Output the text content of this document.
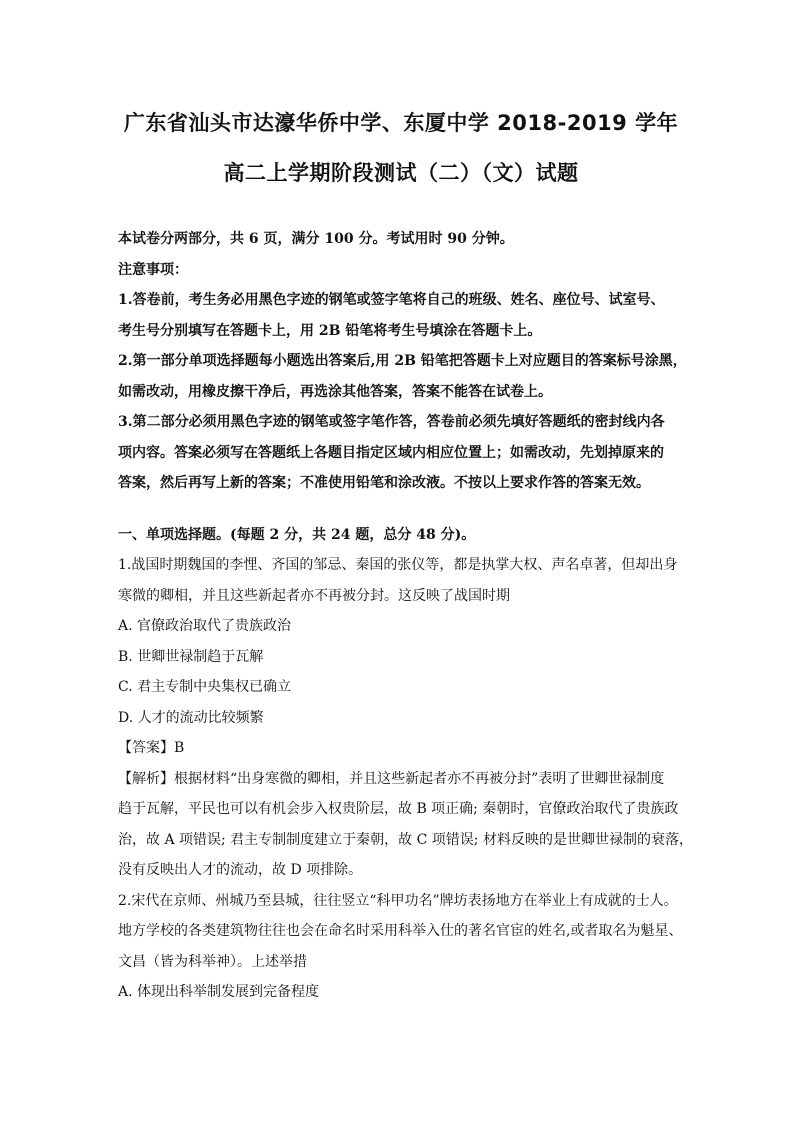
广东省汕头市达濠华侨中学、东厦中学 2018-2019 学年
高二上学期阶段测试（二）（文）试题

本试卷分两部分，共 6 页，满分 100 分。考试用时 90 分钟。

注意事项：

1.答卷前，考生务必用黑色字迹的钢笔或签字笔将自己的班级、姓名、座位号、试室号、

考生号分别填写在答题卡上，用 2B 铅笔将考生号填涂在答题卡上。

2.第一部分单项选择题每小题选出答案后,用 2B 铅笔把答题卡上对应题目的答案标号涂黑，

如需改动，用橡皮擦干净后，再选涂其他答案，答案不能答在试卷上。

3.第二部分必须用黑色字迹的钢笔或签字笔作答，答卷前必须先填好答题纸的密封线内各

项内容。答案必须写在答题纸上各题目指定区域内相应位置上；如需改动，先划掉原来的

答案，然后再写上新的答案；不准使用铅笔和涂改液。不按以上要求作答的答案无效。

一、单项选择题。(每题 2 分，共 24 题，总分 48 分)。

1.战国时期魏国的李悝、齐国的邹忌、秦国的张仪等，都是执掌大权、声名卓著，但却出身

寒微的卿相，并且这些新起者亦不再被分封。这反映了战国时期

A. 官僚政治取代了贵族政治

B. 世卿世禄制趋于瓦解

C. 君主专制中央集权已确立

D. 人才的流动比较频繁

【答案】B

【解析】根据材料“出身寒微的卿相，并且这些新起者亦不再被分封”表明了世卿世禄制度

趋于瓦解，平民也可以有机会步入权贵阶层，故 B 项正确; 秦朝时，官僚政治取代了贵族政

治，故 A 项错误; 君主专制制度建立于秦朝，故 C 项错误; 材料反映的是世卿世禄制的衰落，

没有反映出人才的流动，故 D 项排除。

2.宋代在京师、州城乃至县城，往往竖立“科甲功名”牌坊表扬地方在举业上有成就的士人。

地方学校的各类建筑物往往也会在命名时采用科举入仕的著名官宦的姓名,或者取名为魁星、

文昌（皆为科举神）。上述举措

A. 体现出科举制发展到完备程度
